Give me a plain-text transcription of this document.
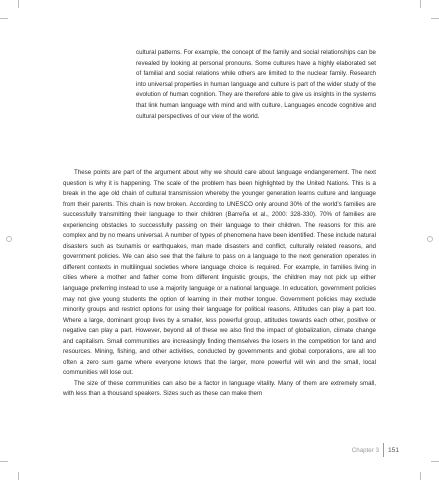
cultural patterns. For example, the concept of the family and social relationships can be revealed by looking at personal pronouns. Some cultures have a highly elaborated set of familial and social relations while others are limited to the nuclear family. Research into universal properties in human language and culture is part of the wider study of the evolution of human cognition. They are therefore able to give us insights in the systems that link human language with mind and with culture. Languages encode cognitive and cultural perspectives of our view of the world.

These points are part of the argument about why we should care about language endangerement. The next question is why it is happening. The scale of the problem has been highlighted by the United Nations. This is a break in the age old chain of cultural transmission whereby the younger generation learns culture and language from their parents. This chain is now broken. According to UNESCO only around 30% of the world’s families are successfully transmitting their language to their children (Barreña et al., 2000: 328-330). 70% of families are experiencing obstacles to successfully passing on their language to their children. The reasons for this are complex and by no means universal. A number of types of phenomena have been identified. These include natural disasters such as tsunamis or earthquakes, man made disasters and conflict, culturally related reasons, and government policies. We can also see that the failure to pass on a language to the next generation operates in different contexts in multilingual societies where language choice is required. For example, in families living in cities where a mother and father come from different linguistic groups, the children may not pick up either language preferring instead to use a majority language or a national language. In education, government policies may not give young students the option of learning in their mother tongue. Government policies may exclude minority groups and restrict options for using their language for political reasons. Attitudes can play a part too. Where a large, dominant group lives by a smaller, less powerful group, attitudes towards each other, positive or negative can play a part. However, beyond all of these we also find the impact of globalization, climate change and capitalism. Small communities are increasingly finding themselves the losers in the competition for land and resources. Mining, fishing, and other activities, conducted by governments and global corporations, are all too often a zero sum game where everyone knows that the larger, more powerful will win and the small, local communities will lose out.

The size of these communities can also be a factor in language vitality. Many of them are extremely small, with less than a thousand speakers. Sizes such as these can make them

Chapter 3 151
